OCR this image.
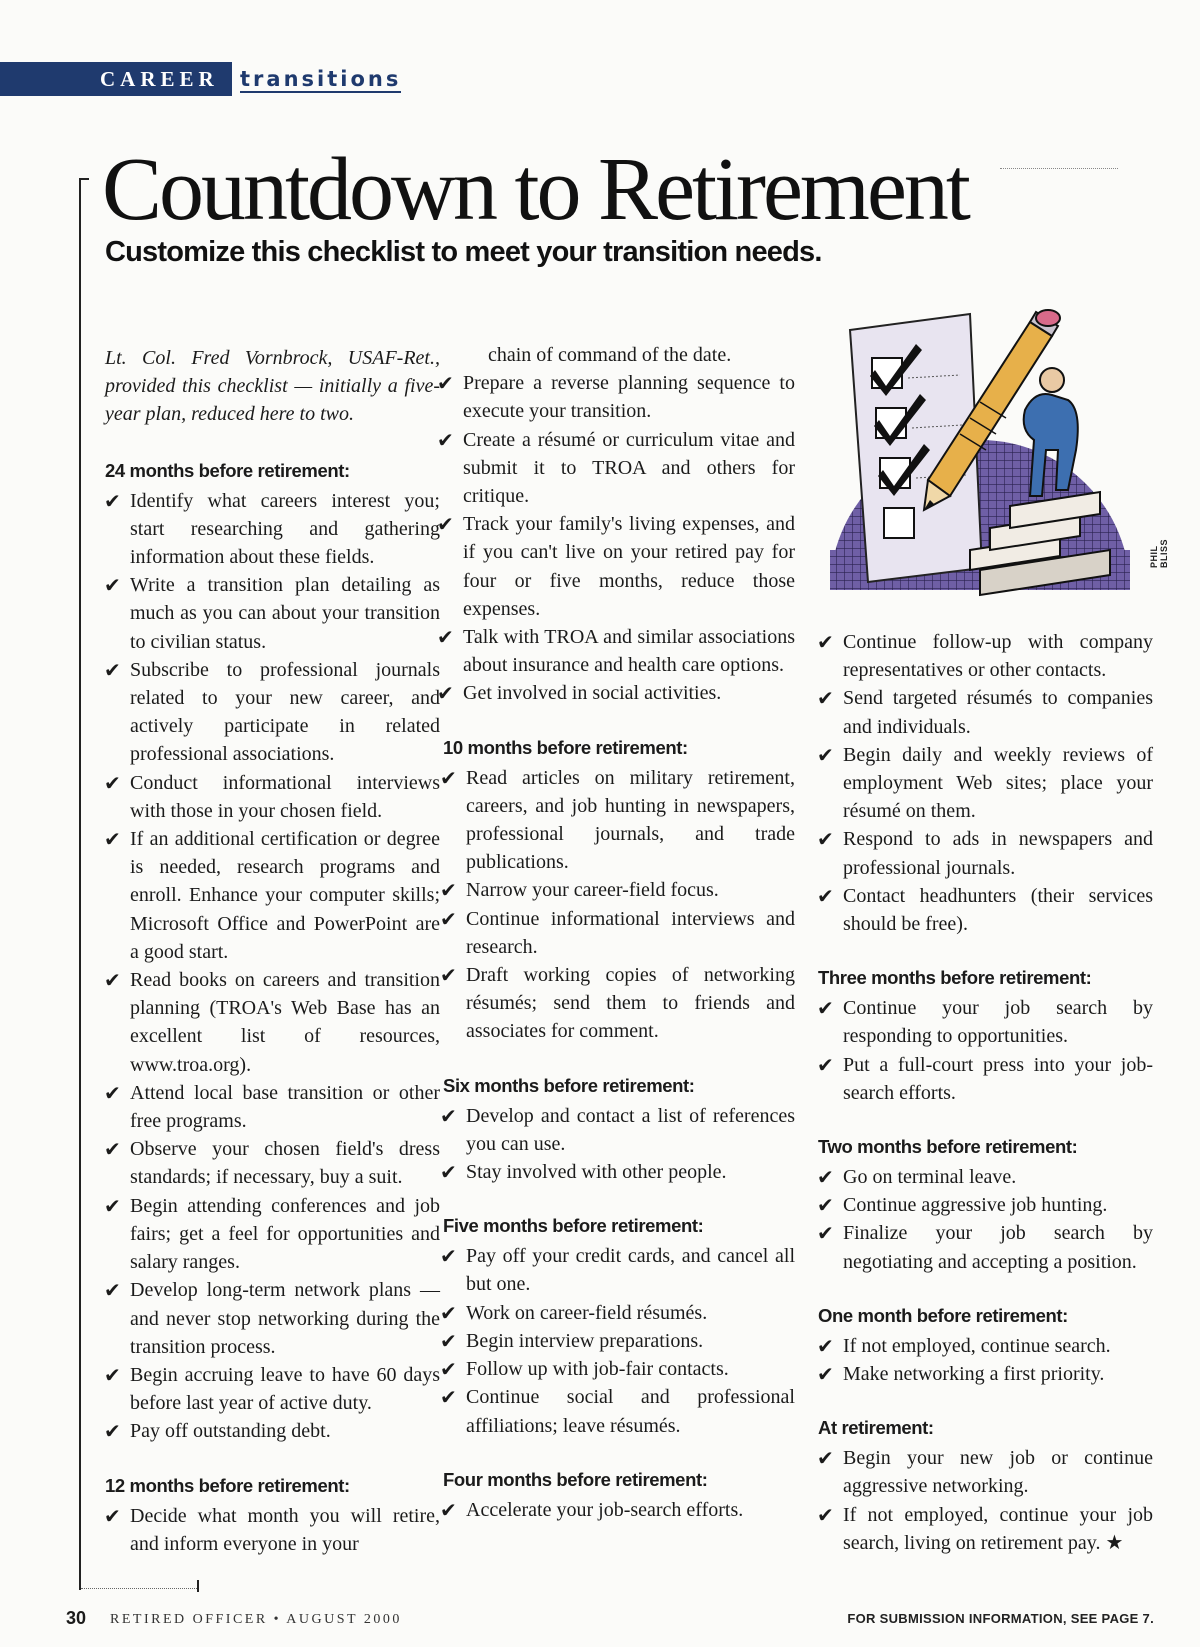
CAREER transitions
Countdown to Retirement
Customize this checklist to meet your transition needs.

Lt. Col. Fred Vornbrock, USAF-Ret., provided this checklist — initially a five-year plan, reduced here to two.

24 months before retirement:
✔ Identify what careers interest you; start researching and gathering information about these fields.
✔ Write a transition plan detailing as much as you can about your transition to civilian status.
✔ Subscribe to professional journals related to your new career, and actively participate in related professional associations.
✔ Conduct informational interviews with those in your chosen field.
✔ If an additional certification or degree is needed, research programs and enroll. Enhance your computer skills; Microsoft Office and PowerPoint are a good start.
✔ Read books on careers and transition planning (TROA's Web Base has an excellent list of resources, www.troa.org).
✔ Attend local base transition or other free programs.
✔ Observe your chosen field's dress standards; if necessary, buy a suit.
✔ Begin attending conferences and job fairs; get a feel for opportunities and salary ranges.
✔ Develop long-term network plans — and never stop networking during the transition process.
✔ Begin accruing leave to have 60 days before last year of active duty.
✔ Pay off outstanding debt.
12 months before retirement:
✔ Decide what month you will retire, and inform everyone in your

chain of command of the date.

✔ Prepare a reverse planning sequence to execute your transition.
✔ Create a résumé or curriculum vitae and submit it to TROA and others for critique.
✔ Track your family's living expenses, and if you can't live on your retired pay for four or five months, reduce those expenses.
✔ Talk with TROA and similar associations about insurance and health care options.
✔ Get involved in social activities.
10 months before retirement:
✔ Read articles on military retirement, careers, and job hunting in newspapers, professional journals, and trade publications.
✔ Narrow your career-field focus.
✔ Continue informational interviews and research.
✔ Draft working copies of networking résumés; send them to friends and associates for comment.
Six months before retirement:
✔ Develop and contact a list of references you can use.
✔ Stay involved with other people.
Five months before retirement:
✔ Pay off your credit cards, and cancel all but one.
✔ Work on career-field résumés.
✔ Begin interview preparations.
✔ Follow up with job-fair contacts.
✔ Continue social and professional affiliations; leave résumés.
Four months before retirement:
✔ Accelerate your job-search efforts.
PHIL BLISS
✔ Continue follow-up with company representatives or other contacts.
✔ Send targeted résumés to companies and individuals.
✔ Begin daily and weekly reviews of employment Web sites; place your résumé on them.
✔ Respond to ads in newspapers and professional journals.
✔ Contact headhunters (their services should be free).
Three months before retirement:
✔ Continue your job search by responding to opportunities.
✔ Put a full-court press into your job-search efforts.
Two months before retirement:
✔ Go on terminal leave.
✔ Continue aggressive job hunting.
✔ Finalize your job search by negotiating and accepting a position.
One month before retirement:
✔ If not employed, continue search.
✔ Make networking a first priority.
At retirement:
✔ Begin your new job or continue aggressive networking.
✔ If not employed, continue your job search, living on retirement pay. ★
30 RETIRED OFFICER • AUGUST 2000	FOR SUBMISSION INFORMATION, SEE PAGE 7.
